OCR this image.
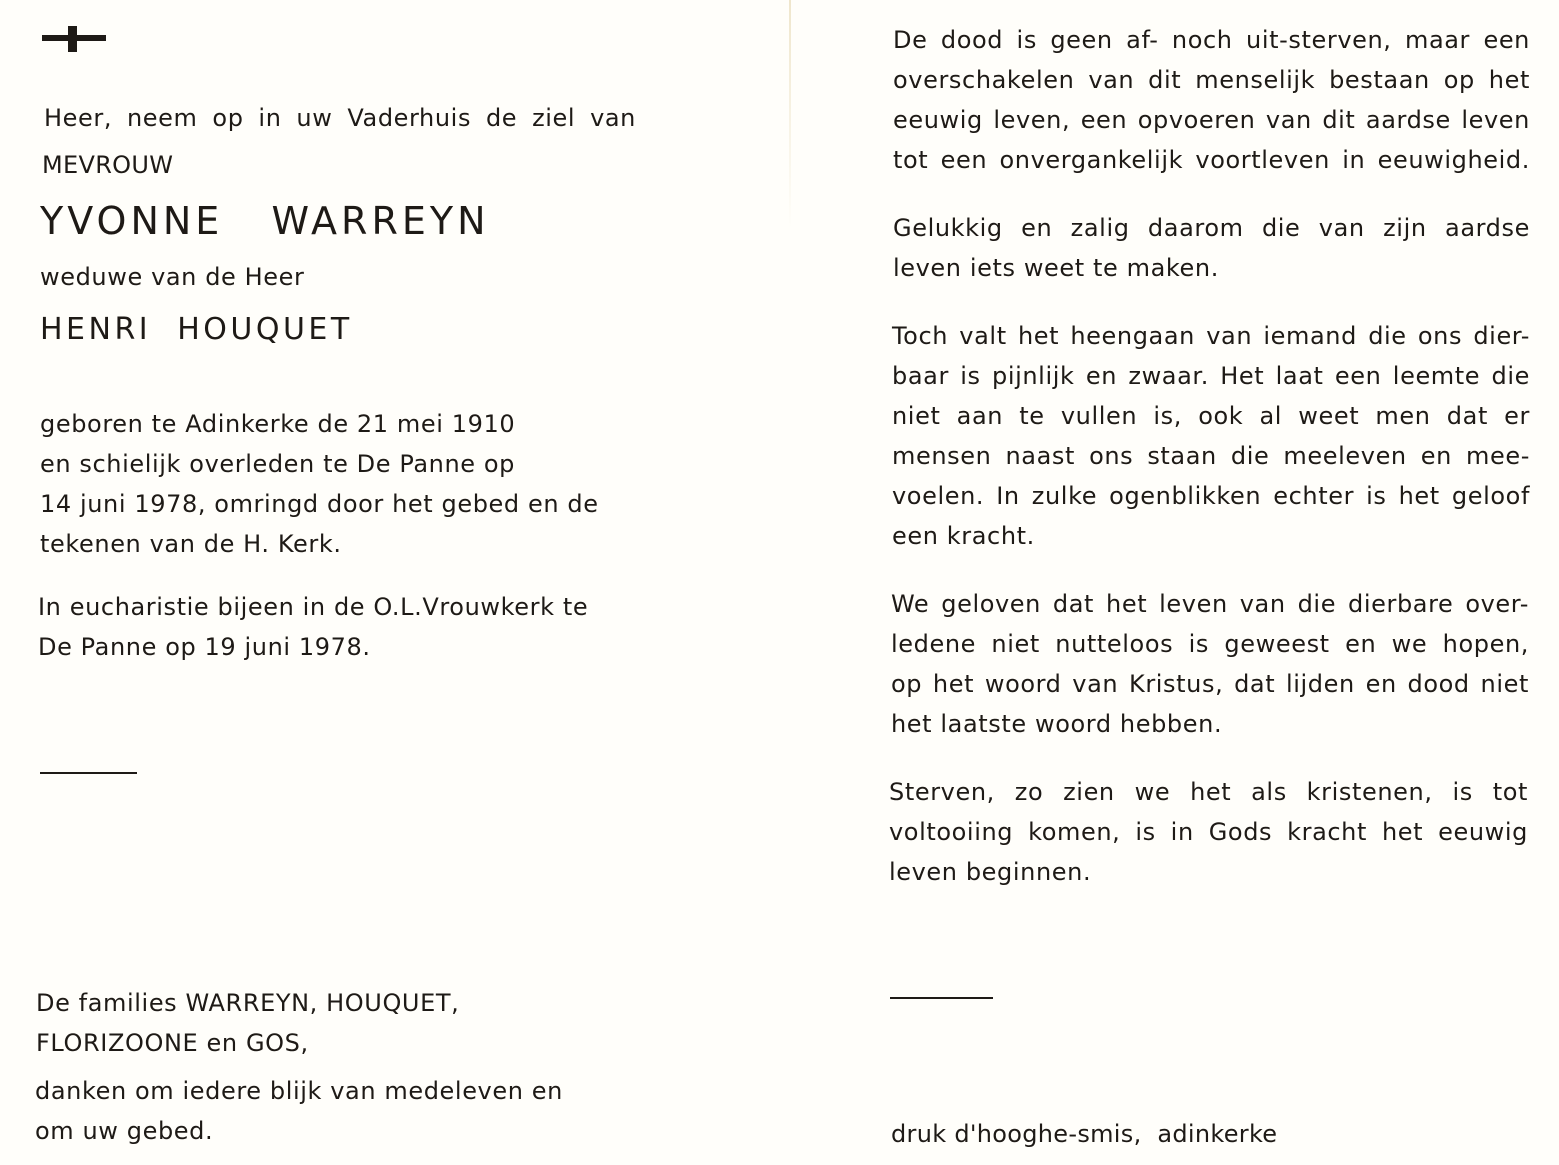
Heer, neem op in uw Vaderhuis de ziel van

MEVROUW

YVONNE   WARREYN

weduwe van de Heer

HENRI  HOUQUET

geboren te Adinkerke de 21 mei 1910
en schielijk overleden te De Panne op
14 juni 1978, omringd door het gebed en de
tekenen van de H. Kerk.
In eucharistie bijeen in de O.L.Vrouwkerk te
De Panne op 19 juni 1978.
De families WARREYN, HOUQUET,
FLORIZOONE en GOS,
danken om iedere blijk van medeleven en
om uw gebed.
De dood is geen af- noch uit-sterven, maar een
overschakelen van dit menselijk bestaan op het
eeuwig leven, een opvoeren van dit aardse leven
tot een onvergankelijk voortleven in eeuwigheid.
Gelukkig en zalig daarom die van zijn aardse
leven iets weet te maken.
Toch valt het heengaan van iemand die ons dier-
baar is pijnlijk en zwaar. Het laat een leemte die
niet aan te vullen is, ook al weet men dat er
mensen naast ons staan die meeleven en mee-
voelen. In zulke ogenblikken echter is het geloof
een kracht.
We geloven dat het leven van die dierbare over-
ledene niet nutteloos is geweest en we hopen,
op het woord van Kristus, dat lijden en dood niet
het laatste woord hebben.
Sterven, zo zien we het als kristenen, is tot
voltooiing komen, is in Gods kracht het eeuwig
leven beginnen.

druk d'hooghe-smis,  adinkerke
